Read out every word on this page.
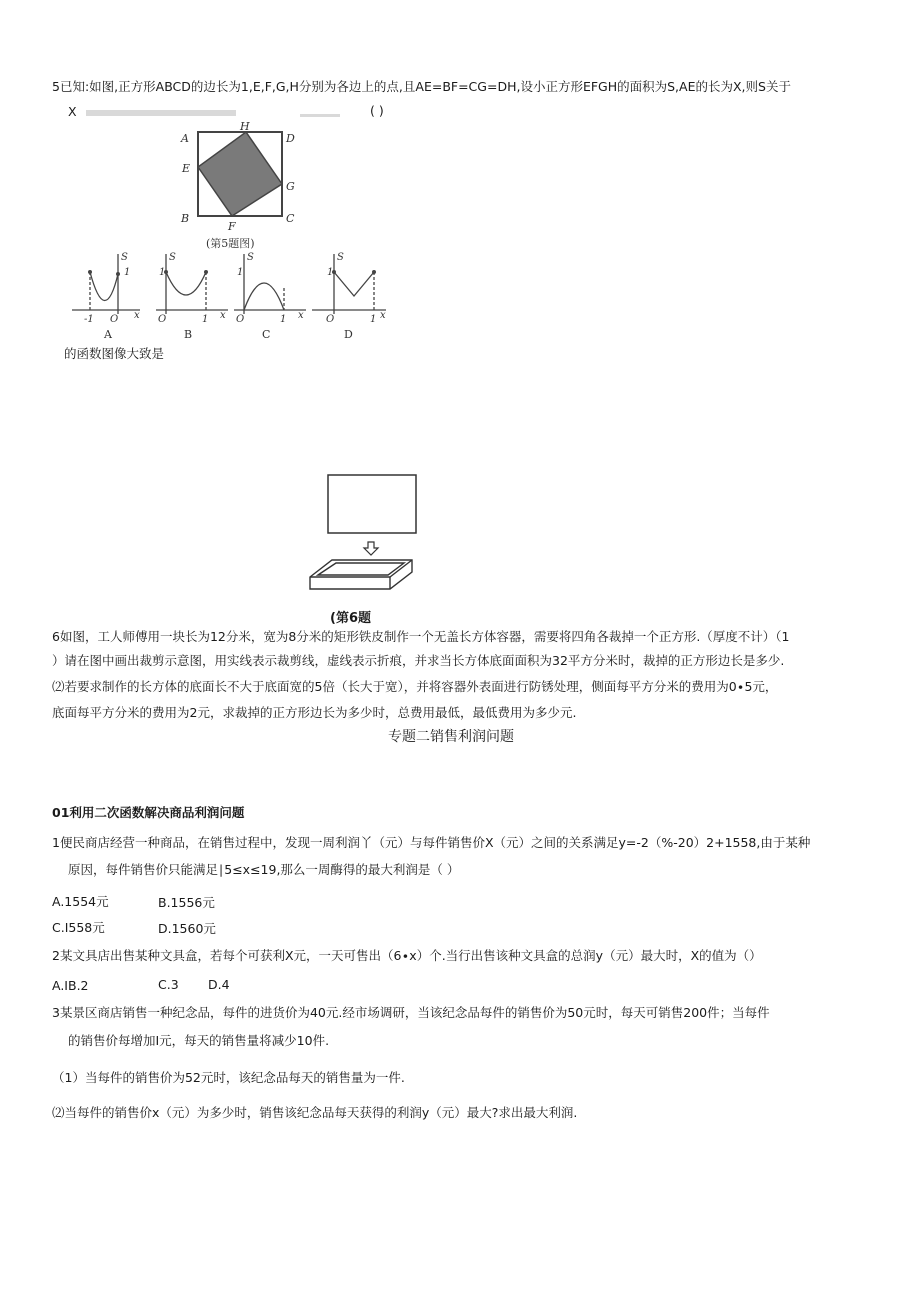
5已知:如图,正方形ABCD的边长为1,E,F,G,H分别为各边上的点,且AE=BF=CG=DH,设小正方形EFGH的面积为S,AE的长为X,则S关于
X	( )
A
H
D
E
G
B
F
C
(第5题图)
S
1
-1 O x
S
1
O	1 x
S
1
O	1 x
S
1
O	1 x
A	B	C	D
的函数图像大致是
(第6题
6如图，工人师傅用一块长为12分米，宽为8分米的矩形铁皮制作一个无盖长方体容器，需要将四角各裁掉一个正方形.（厚度不计）（1
）请在图中画出裁剪示意图，用实线表示裁剪线，虚线表示折痕，并求当长方体底面面积为32平方分米时，裁掉的正方形边长是多少.
⑵若要求制作的长方体的底面长不大于底面宽的5倍（长大于宽），并将容器外表面进行防锈处理，侧面每平方分米的费用为0∙5元，
底面每平方分米的费用为2元，求裁掉的正方形边长为多少时，总费用最低，最低费用为多少元.
专题二销售利润问题
01利用二次函数解决商品利润问题
1便民商店经营一种商品，在销售过程中，发现一周利润丫（元）与每件销售价X（元）之间的关系满足y=-2（%-20）2+1558,由于某种
原因，每件销售价只能满足∣5≤x≤19,那么一周酶得的最大利润是（ ）
A.1554元	B.1556元
C.I558元	D.1560元
2某文具店出售某种文具盒，若每个可获利X元，一天可售出（6∙x）个.当行出售该种文具盒的总润y（元）最大时，X的值为（）
A.IB.2	C.3 D.4
3某景区商店销售一种纪念品，每件的进货价为40元.经市场调研，当该纪念品每件的销售价为50元时，每天可销售200件；当每件
的销售价每增加I元，每天的销售量将减少10件.
（1）当每件的销售价为52元时，该纪念品每天的销售量为一件.
⑵当每件的销售价x（元）为多少时，销售该纪念品每天获得的利润y（元）最大?求出最大利润.
